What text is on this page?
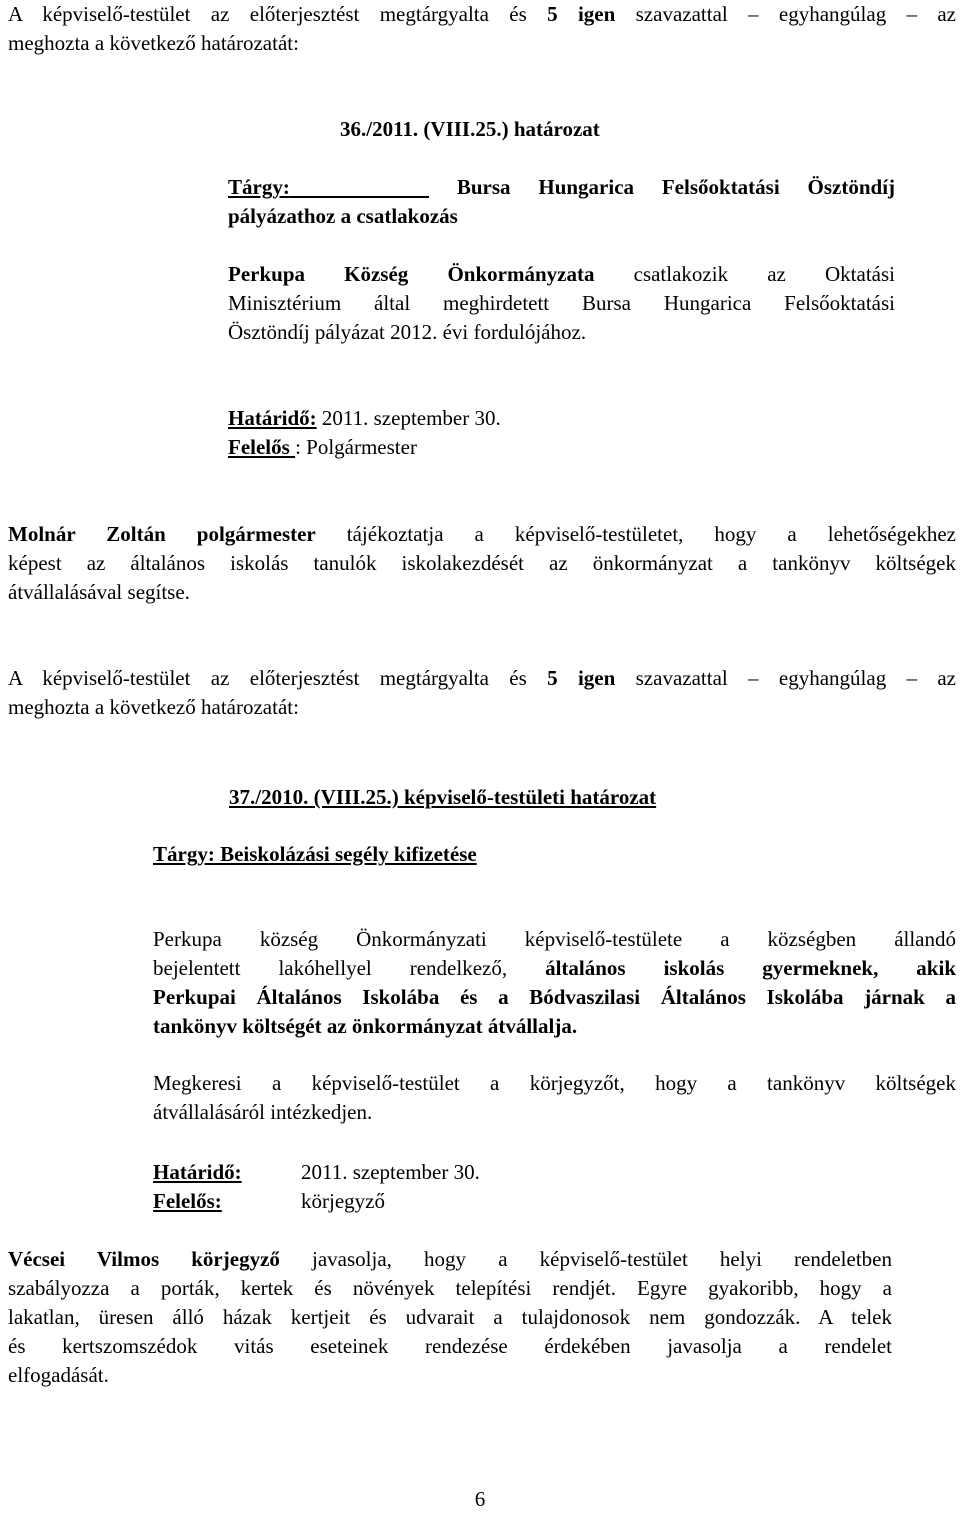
A képviselő-testület az előterjesztést megtárgyalta és 5 igen szavazattal – egyhangúlag – az
meghozta a következő határozatát:
36./2011. (VIII.25.) határozat
Tárgy:	Bursa Hungarica Felsőoktatási Ösztöndíj
pályázathoz a csatlakozás
Perkupa Község Önkormányzata csatlakozik az Oktatási
Minisztérium által meghirdetett Bursa Hungarica Felsőoktatási
Ösztöndíj pályázat 2012. évi fordulójához.
Határidő: 2011. szeptember 30.
Felelős : Polgármester
Molnár Zoltán polgármester tájékoztatja a képviselő-testületet, hogy a lehetőségekhez
képest az általános iskolás tanulók iskolakezdését az önkormányzat a tankönyv költségek
átvállalásával segítse.
A képviselő-testület az előterjesztést megtárgyalta és 5 igen szavazattal – egyhangúlag – az
meghozta a következő határozatát:
37./2010. (VIII.25.) képviselő-testületi határozat
Tárgy: Beiskolázási segély kifizetése
Perkupa község Önkormányzati képviselő-testülete a községben állandó
bejelentett lakóhellyel rendelkező, általános iskolás gyermeknek, akik
Perkupai Általános Iskolába és a Bódvaszilasi Általános Iskolába járnak a
tankönyv költségét az önkormányzat átvállalja.
Megkeresi a képviselő-testület a körjegyzőt, hogy a tankönyv költségek
átvállalásáról intézkedjen.
Határidő:	2011. szeptember 30.
Felelős:	körjegyző
Vécsei Vilmos körjegyző javasolja, hogy a képviselő-testület helyi rendeletben
szabályozza a porták, kertek és növények telepítési rendjét. Egyre gyakoribb, hogy a
lakatlan, üresen álló házak kertjeit és udvarait a tulajdonosok nem gondozzák. A telek
és kertszomszédok vitás eseteinek rendezése érdekében javasolja a rendelet
elfogadását.
6
